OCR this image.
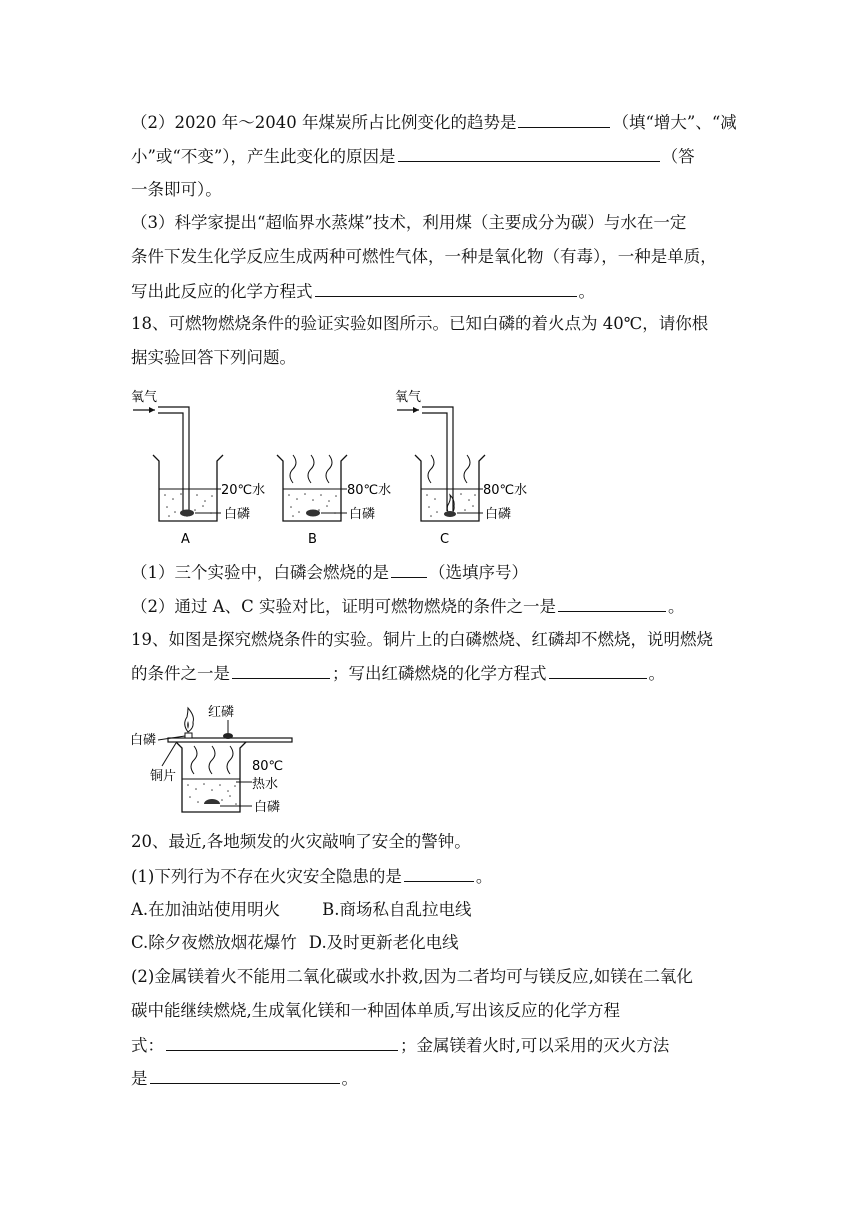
（2）2020 年～2040 年煤炭所占比例变化的趋势是	（填“增大”、“减
小”或“不变”），产生此变化的原因是	（答
一条即可）。
（3）科学家提出“超临界水蒸煤”技术，利用煤（主要成分为碳）与水在一定
条件下发生化学反应生成两种可燃性气体，一种是氧化物（有毒），一种是单质，
写出此反应的化学方程式	。
18、可燃物燃烧条件的验证实验如图所示。已知白磷的着火点为 40℃，请你根
据实验回答下列问题。
氧气
20℃水
白磷
A
80℃水
白磷
B
氧气
80℃水
白磷
C
（1）三个实验中，白磷会燃烧的是 （选填序号）
（2）通过 A、C 实验对比，证明可燃物燃烧的条件之一是	。
19、如图是探究燃烧条件的实验。铜片上的白磷燃烧、红磷却不燃烧，说明燃烧
的条件之一是	；写出红磷燃烧的化学方程式	。
红磷
白磷
铜片
80℃
热水
白磷
20、最近,各地频发的火灾敲响了安全的警钟。
(1)下列行为不存在火灾安全隐患的是	。
A.在加油站使用明火	B.商场私自乱拉电线
C.除夕夜燃放烟花爆竹 D.及时更新老化电线
(2)金属镁着火不能用二氧化碳或水扑救,因为二者均可与镁反应,如镁在二氧化
碳中能继续燃烧,生成氧化镁和一种固体单质,写出该反应的化学方程
式：	；金属镁着火时,可以采用的灭火方法
是	。
